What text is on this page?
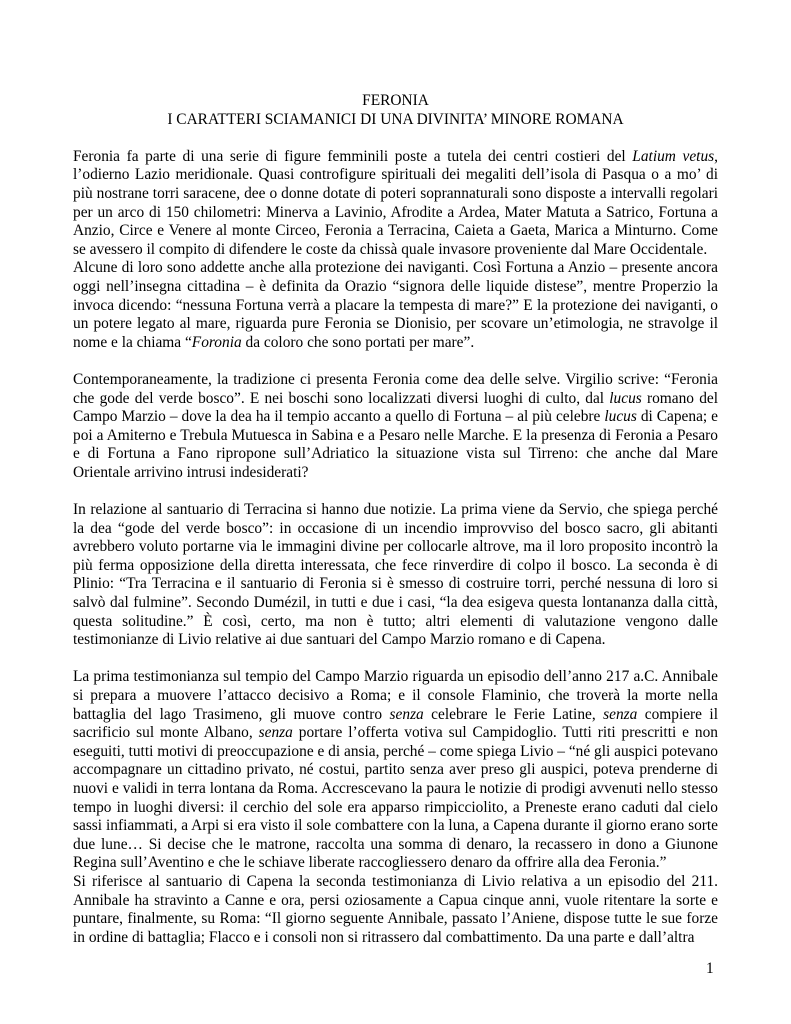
FERONIA
I CARATTERI SCIAMANICI DI UNA DIVINITA’ MINORE ROMANA

Feronia fa parte di una serie di figure femminili poste a tutela dei centri costieri del Latium vetus, l’odierno Lazio meridionale. Quasi controfigure spirituali dei megaliti dell’isola di Pasqua o a mo’ di più nostrane torri saracene, dee o donne dotate di poteri soprannaturali sono disposte a intervalli regolari per un arco di 150 chilometri: Minerva a Lavinio, Afrodite a Ardea, Mater Matuta a Satrico, Fortuna a Anzio, Circe e Venere al monte Circeo, Feronia a Terracina, Caieta a Gaeta, Marica a Minturno. Come se avessero il compito di difendere le coste da chissà quale invasore proveniente dal Mare Occidentale.

Alcune di loro sono addette anche alla protezione dei naviganti. Così Fortuna a Anzio – presente ancora oggi nell’insegna cittadina – è definita da Orazio “signora delle liquide distese”, mentre Properzio la invoca dicendo: “nessuna Fortuna verrà a placare la tempesta di mare?” E la protezione dei naviganti, o un potere legato al mare, riguarda pure Feronia se Dionisio, per scovare un’etimologia, ne stravolge il nome e la chiama “Foronia da coloro che sono portati per mare”.

Contemporaneamente, la tradizione ci presenta Feronia come dea delle selve. Virgilio scrive: “Feronia che gode del verde bosco”. E nei boschi sono localizzati diversi luoghi di culto, dal lucus romano del Campo Marzio – dove la dea ha il tempio accanto a quello di Fortuna – al più celebre lucus di Capena; e poi a Amiterno e Trebula Mutuesca in Sabina e a Pesaro nelle Marche. E la presenza di Feronia a Pesaro e di Fortuna a Fano ripropone sull’Adriatico la situazione vista sul Tirreno: che anche dal Mare Orientale arrivino intrusi indesiderati?

In relazione al santuario di Terracina si hanno due notizie. La prima viene da Servio, che spiega perché la dea “gode del verde bosco”: in occasione di un incendio improvviso del bosco sacro, gli abitanti avrebbero voluto portarne via le immagini divine per collocarle altrove, ma il loro proposito incontrò la più ferma opposizione della diretta interessata, che fece rinverdire di colpo il bosco. La seconda è di Plinio: “Tra Terracina e il santuario di Feronia si è smesso di costruire torri, perché nessuna di loro si salvò dal fulmine”. Secondo Dumézil, in tutti e due i casi, “la dea esigeva questa lontananza dalla città, questa solitudine.” È così, certo, ma non è tutto; altri elementi di valutazione vengono dalle testimonianze di Livio relative ai due santuari del Campo Marzio romano e di Capena.

La prima testimonianza sul tempio del Campo Marzio riguarda un episodio dell’anno 217 a.C. Annibale si prepara a muovere l’attacco decisivo a Roma; e il console Flaminio, che troverà la morte nella battaglia del lago Trasimeno, gli muove contro senza celebrare le Ferie Latine, senza compiere il sacrificio sul monte Albano, senza portare l’offerta votiva sul Campidoglio. Tutti riti prescritti e non eseguiti, tutti motivi di preoccupazione e di ansia, perché – come spiega Livio – “né gli auspici potevano accompagnare un cittadino privato, né costui, partito senza aver preso gli auspici, poteva prenderne di nuovi e validi in terra lontana da Roma. Accrescevano la paura le notizie di prodigi avvenuti nello stesso tempo in luoghi diversi: il cerchio del sole era apparso rimpicciolito, a Preneste erano caduti dal cielo sassi infiammati, a Arpi si era visto il sole combattere con la luna, a Capena durante il giorno erano sorte due lune… Si decise che le matrone, raccolta una somma di denaro, la recassero in dono a Giunone Regina sull’Aventino e che le schiave liberate raccogliessero denaro da offrire alla dea Feronia.”

Si riferisce al santuario di Capena la seconda testimonianza di Livio relativa a un episodio del 211. Annibale ha stravinto a Canne e ora, persi oziosamente a Capua cinque anni, vuole ritentare la sorte e puntare, finalmente, su Roma: “Il giorno seguente Annibale, passato l’Aniene, dispose tutte le sue forze in ordine di battaglia; Flacco e i consoli non si ritrassero dal combattimento. Da una parte e dall’altra

1
